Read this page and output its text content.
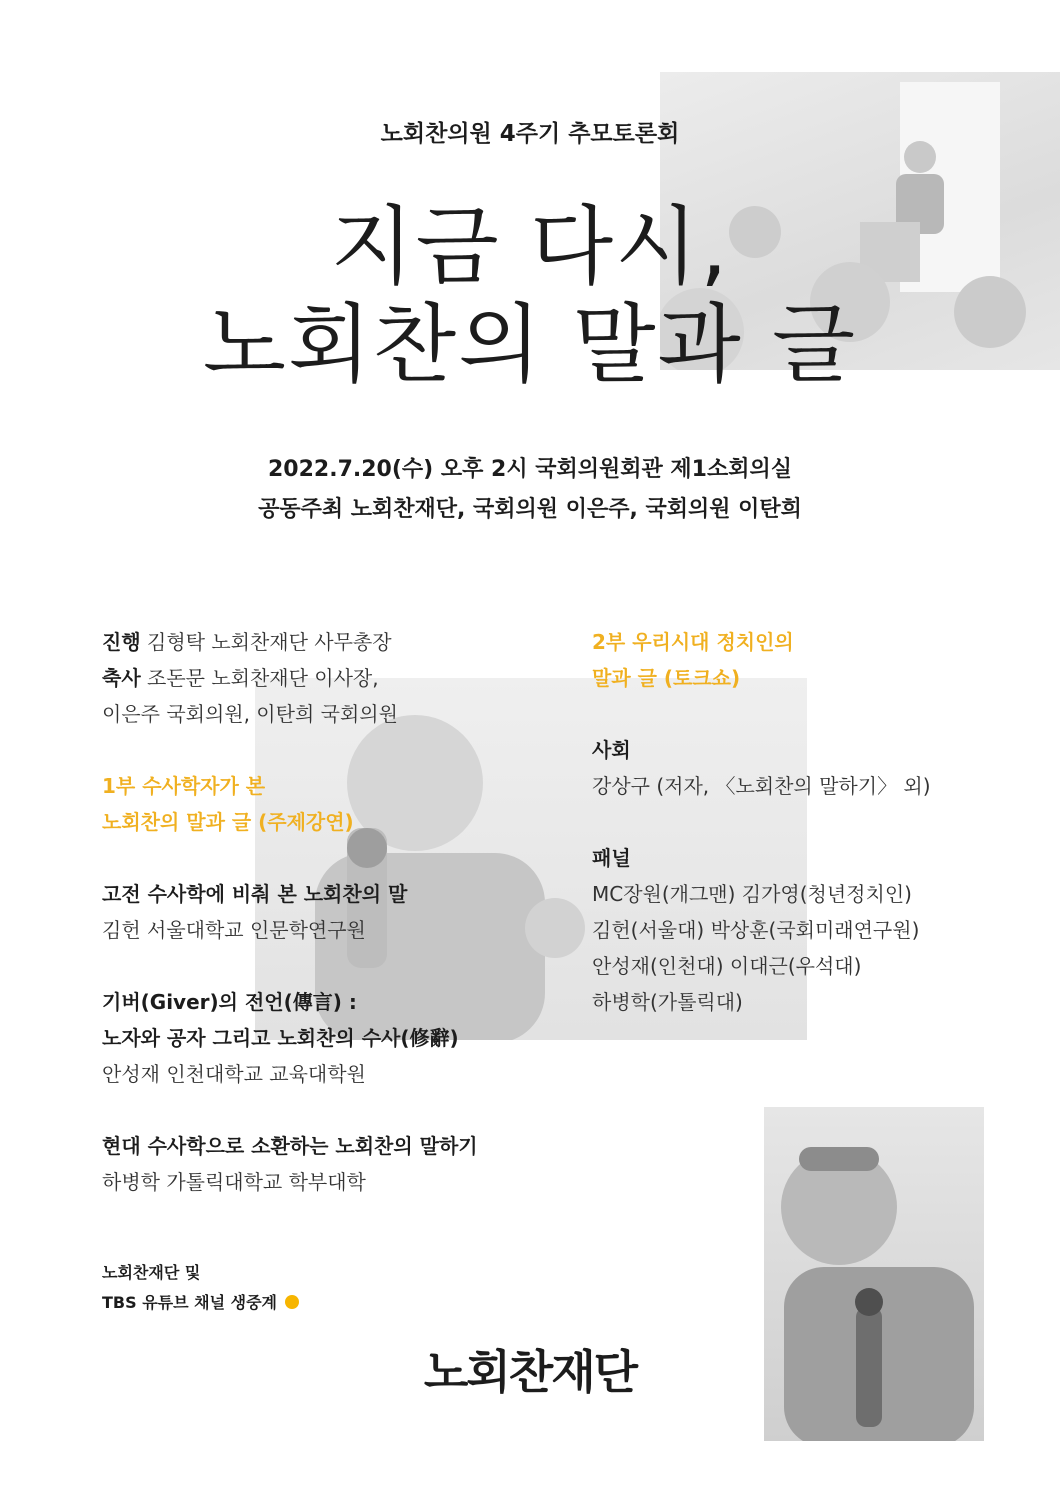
노회찬의원 4주기 추모토론회
지금 다시,
노회찬의 말과 글
2022.7.20(수) 오후 2시 국회의원회관 제1소회의실
공동주최 노회찬재단, 국회의원 이은주, 국회의원 이탄희

진행 김형탁 노회찬재단 사무총장

축사 조돈문 노회찬재단 이사장,

이은주 국회의원, 이탄희 국회의원

1부 수사학자가 본

노회찬의 말과 글 (주제강연)

고전 수사학에 비춰 본 노회찬의 말

김헌 서울대학교 인문학연구원

기버(Giver)의 전언(傳言) :

노자와 공자 그리고 노회찬의 수사(修辭)

안성재 인천대학교 교육대학원

현대 수사학으로 소환하는 노회찬의 말하기

하병학 가톨릭대학교 학부대학

2부 우리시대 정치인의

말과 글 (토크쇼)

사회

강상구 (저자, 〈노회찬의 말하기〉 외)

패널

MC장원(개그맨) 김가영(청년정치인)

김헌(서울대) 박상훈(국회미래연구원)

안성재(인천대) 이대근(우석대)

하병학(가톨릭대)

노회찬재단 및
TBS 유튜브 채널 생중계
노회찬재단
